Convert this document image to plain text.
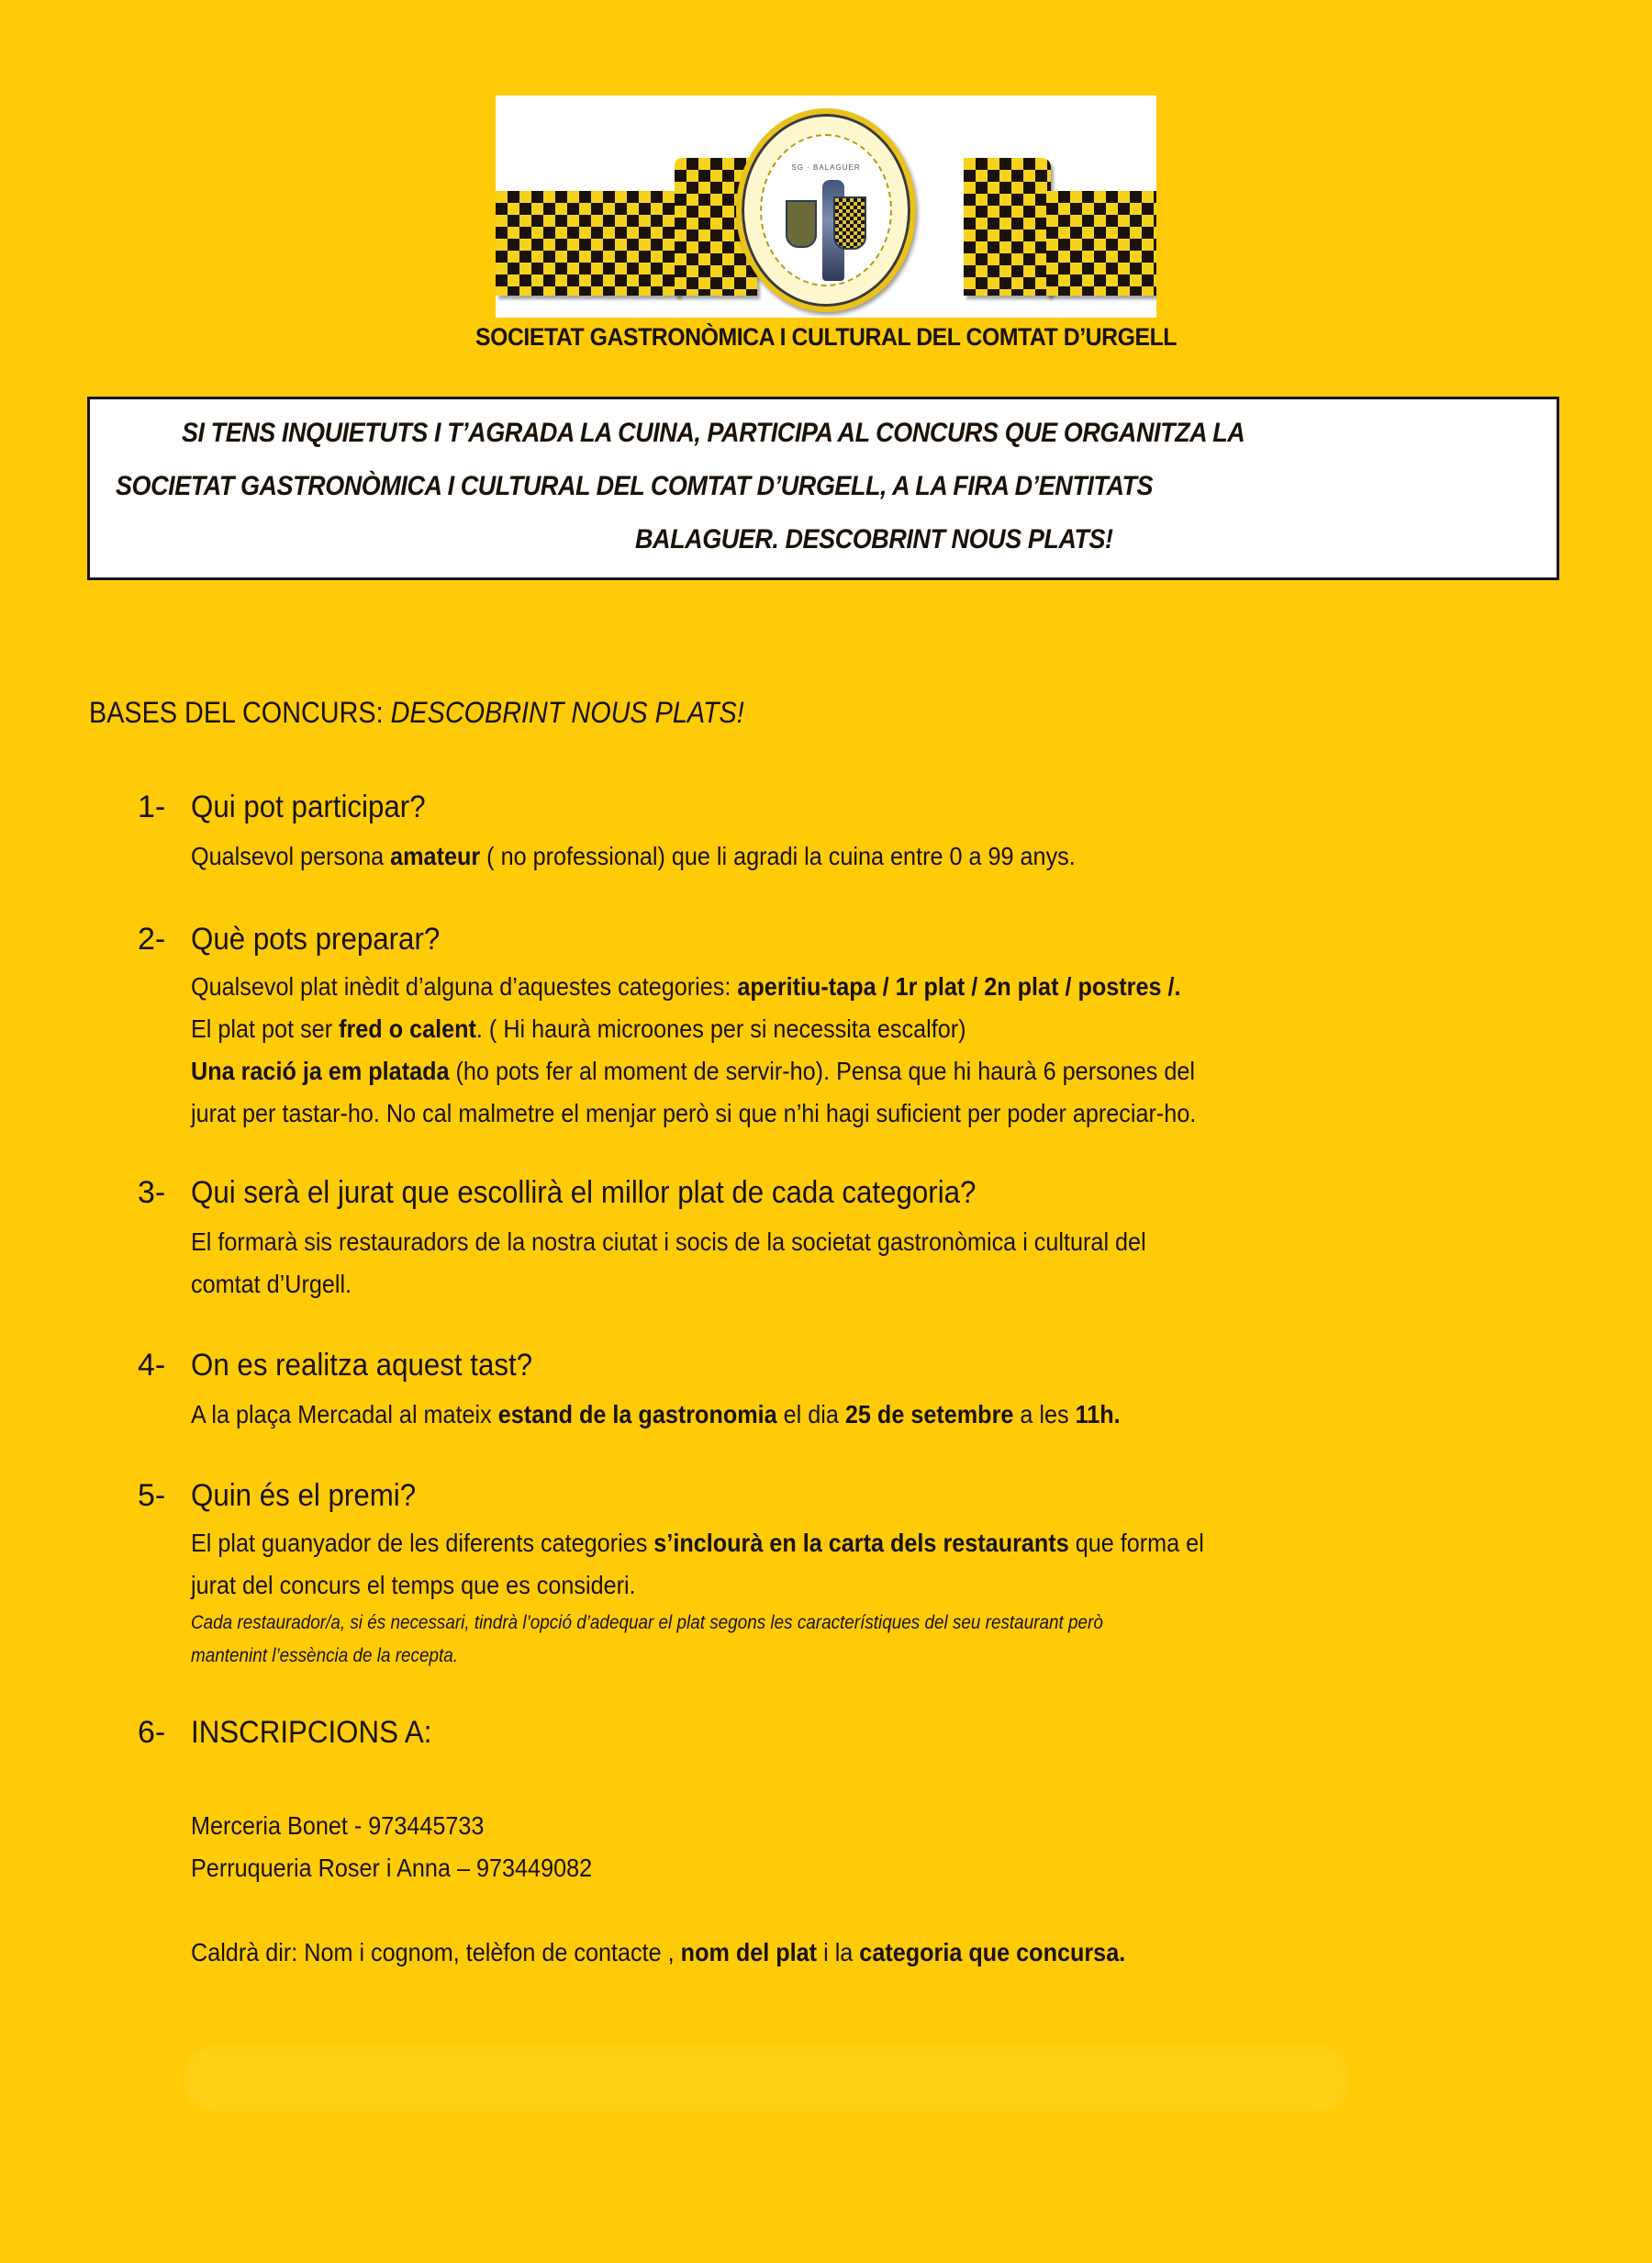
SG · BALAGUER
SOCIETAT GASTRONÒMICA I CULTURAL DEL COMTAT D’URGELL
SI TENS INQUIETUTS I T’AGRADA LA CUINA, PARTICIPA AL CONCURS QUE ORGANITZA LA
SOCIETAT GASTRONÒMICA I CULTURAL DEL COMTAT D’URGELL, A LA FIRA D’ENTITATS
BALAGUER. DESCOBRINT NOUS PLATS!
BASES DEL CONCURS: DESCOBRINT NOUS PLATS!
1- Qui pot participar?
Qualsevol persona amateur ( no professional) que li agradi la cuina entre 0 a 99 anys.
2- Què pots preparar?
Qualsevol plat inèdit d’alguna d’aquestes categories: aperitiu-tapa / 1r plat / 2n plat / postres /.
El plat pot ser fred o calent. ( Hi haurà microones per si necessita escalfor)
Una ració ja em platada (ho pots fer al moment de servir-ho). Pensa que hi haurà 6 persones del
jurat per tastar-ho. No cal malmetre el menjar però si que n’hi hagi suficient per poder apreciar-ho.
3- Qui serà el jurat que escollirà el millor plat de cada categoria?
El formarà sis restauradors de la nostra ciutat i socis de la societat gastronòmica i cultural del
comtat d’Urgell.
4- On es realitza aquest tast?
A la plaça Mercadal al mateix estand de la gastronomia el dia 25 de setembre a les 11h.
5- Quin és el premi?
El plat guanyador de les diferents categories s’inclourà en la carta dels restaurants que forma el
jurat del concurs el temps que es consideri.
Cada restaurador/a, si és necessari, tindrà l’opció d’adequar el plat segons les característiques del seu restaurant però
mantenint l’essència de la recepta.
6- INSCRIPCIONS A:
Merceria Bonet - 973445733
Perruqueria Roser i Anna – 973449082
Caldrà dir: Nom i cognom, telèfon de contacte , nom del plat i la categoria que concursa.
